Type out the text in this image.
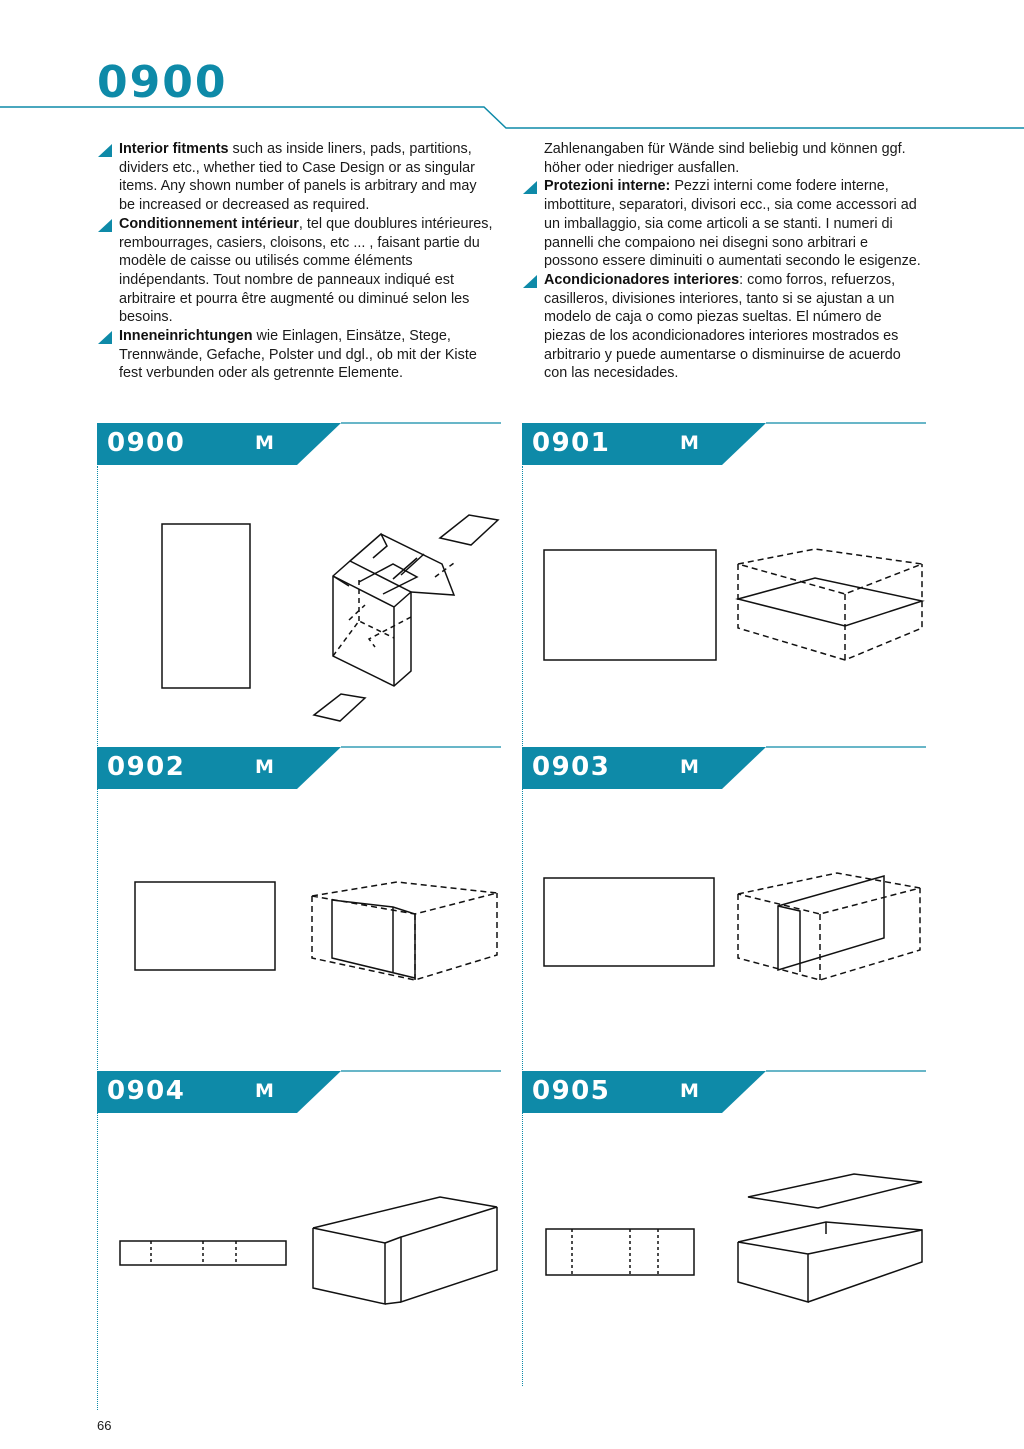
0900

Interior fitments such as inside liners, pads, partitions, dividers etc., whether tied to Case Design or as singular items. Any shown number of panels is arbitrary and may be increased or decreased as required.

Conditionnement intérieur, tel que doublures intérieures, rembourrages, casiers, cloisons, etc ... , faisant partie du modèle de caisse ou utilisés comme éléments indépendants. Tout nombre de panneaux indiqué est arbitraire et pourra être augmenté ou diminué selon les besoins.

Inneneinrichtungen wie Einlagen, Einsätze, Stege, Trennwände, Gefache, Polster und dgl., ob mit der Kiste fest verbunden oder als getrennte Elemente.

Zahlenangaben für Wände sind beliebig und können ggf. höher oder niedriger ausfallen.

Protezioni interne: Pezzi interni come fodere interne, imbottiture, separatori, divisori ecc., sia come accessori ad un imballaggio, sia come articoli a se stanti. I numeri di pannelli che compaiono nei disegni sono arbitrari e possono essere diminuiti o aumentati secondo le esigenze.

Acondicionadores interiores: como forros, refuerzos, casilleros, divisiones interiores, tanto si se ajustan a un modelo de caja o como piezas sueltas. El número de piezas de los acondicionadores interiores mostrados es arbitrario y puede aumentarse o disminuirse de acuerdo con las necesidades.

0900	M	0901	M
0902	M	0903	M
0904	M	0905	M
66
